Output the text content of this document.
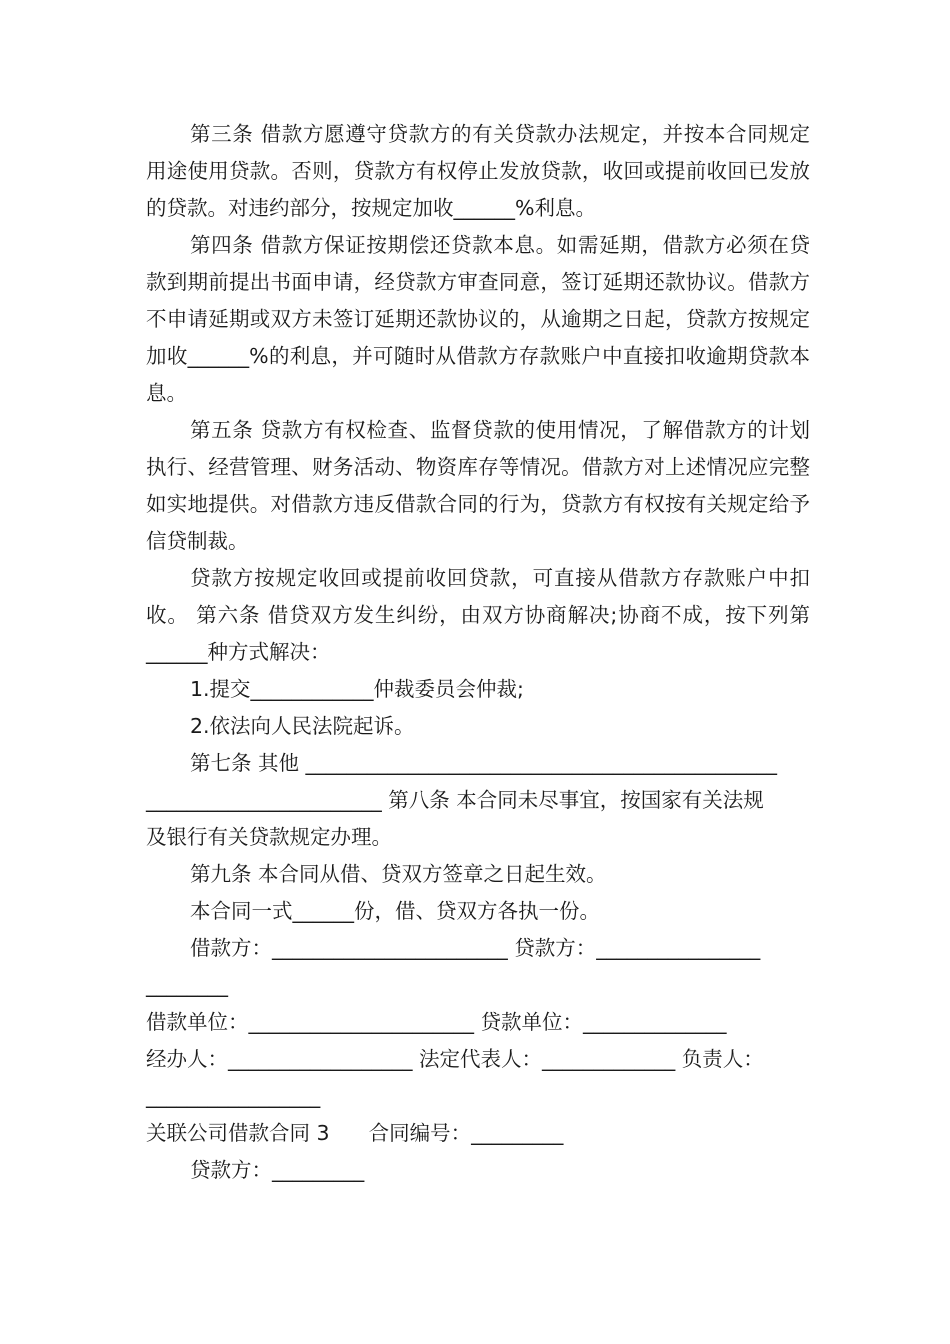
第三条 借款方愿遵守贷款方的有关贷款办法规定，并按本合同规定用途使用贷款。否则，贷款方有权停止发放贷款，收回或提前收回已发放的贷款。对违约部分，按规定加收______%利息。

第四条 借款方保证按期偿还贷款本息。如需延期，借款方必须在贷款到期前提出书面申请，经贷款方审查同意，签订延期还款协议。借款方不申请延期或双方未签订延期还款协议的，从逾期之日起，贷款方按规定加收______%的利息，并可随时从借款方存款账户中直接扣收逾期贷款本息。

第五条 贷款方有权检查、监督贷款的使用情况，了解借款方的计划执行、经营管理、财务活动、物资库存等情况。借款方对上述情况应完整如实地提供。对借款方违反借款合同的行为，贷款方有权按有关规定给予信贷制裁。

贷款方按规定收回或提前收回贷款，可直接从借款方存款账户中扣收。 第六条 借贷双方发生纠纷，由双方协商解决;协商不成，按下列第______种方式解决：

1.提交____________仲裁委员会仲裁;

2.依法向人民法院起诉。

第七条 其他 ______________________________________________

_______________________ 第八条 本合同未尽事宜，按国家有关法规

及银行有关贷款规定办理。

第九条 本合同从借、贷双方签章之日起生效。

本合同一式______份，借、贷双方各执一份。

借款方：_______________________ 贷款方：________________

________

借款单位：______________________ 贷款单位：______________

经办人：__________________ 法定代表人：_____________ 负责人：

_________________

关联公司借款合同 3 合同编号：_________

贷款方：_________
